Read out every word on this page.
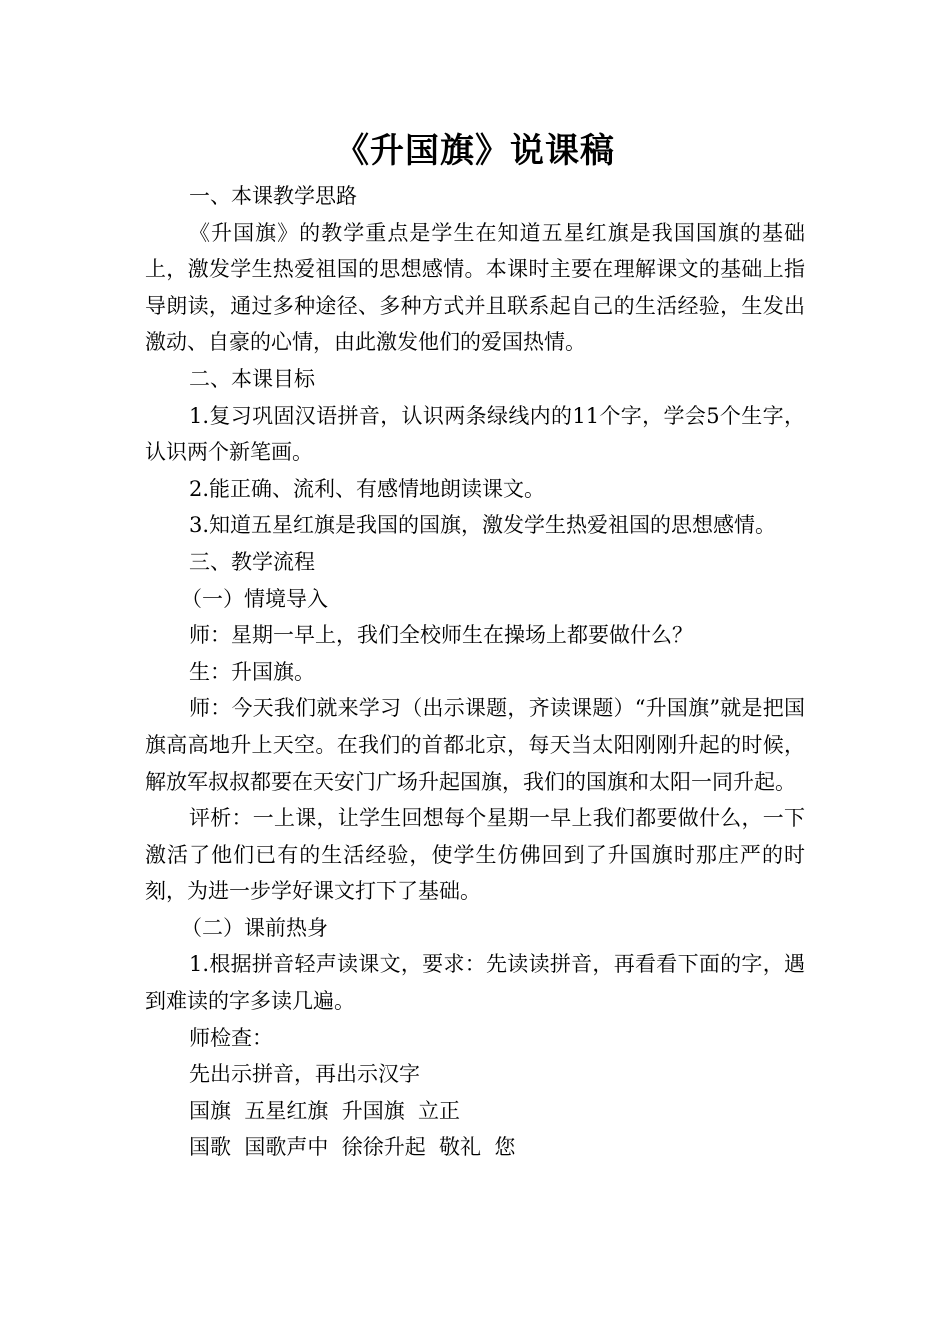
《升国旗》说课稿

一、本课教学思路

《升国旗》的教学重点是学生在知道五星红旗是我国国旗的基础上，激发学生热爱祖国的思想感情。本课时主要在理解课文的基础上指导朗读，通过多种途径、多种方式并且联系起自己的生活经验，生发出激动、自豪的心情，由此激发他们的爱国热情。

二、本课目标

1.复习巩固汉语拼音，认识两条绿线内的11个字，学会5个生字，认识两个新笔画。

2.能正确、流利、有感情地朗读课文。

3.知道五星红旗是我国的国旗，激发学生热爱祖国的思想感情。

三、教学流程

（一）情境导入

师：星期一早上，我们全校师生在操场上都要做什么？

生：升国旗。

师：今天我们就来学习（出示课题，齐读课题）“升国旗”就是把国旗高高地升上天空。在我们的首都北京，每天当太阳刚刚升起的时候，解放军叔叔都要在天安门广场升起国旗，我们的国旗和太阳一同升起。

评析：一上课，让学生回想每个星期一早上我们都要做什么，一下激活了他们已有的生活经验，使学生仿佛回到了升国旗时那庄严的时刻，为进一步学好课文打下了基础。

（二）课前热身

1.根据拼音轻声读课文，要求：先读读拼音，再看看下面的字，遇到难读的字多读几遍。

师检查：

先出示拼音，再出示汉字

国旗  五星红旗  升国旗  立正

国歌  国歌声中  徐徐升起  敬礼  您
